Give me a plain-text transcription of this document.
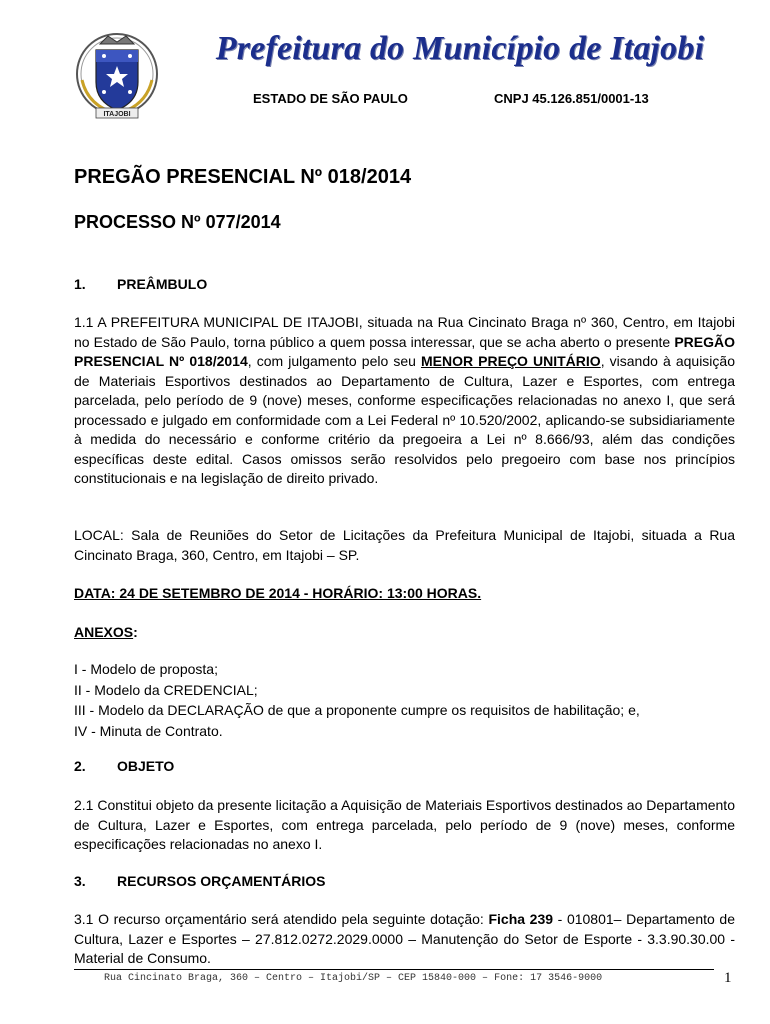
ITAJOBI
Prefeitura do Município de Itajobi
ESTADO DE SÃO PAULO	CNPJ 45.126.851/0001-13
PREGÃO PRESENCIAL Nº 018/2014
PROCESSO Nº 077/2014
1. PREÂMBULO
1.1 A PREFEITURA MUNICIPAL DE ITAJOBI, situada na Rua Cincinato Braga nº 360, Centro, em Itajobi no Estado de São Paulo, torna público a quem possa interessar, que se acha aberto o presente PREGÃO PRESENCIAL Nº 018/2014, com julgamento pelo seu MENOR PREÇO UNITÁRIO, visando à aquisição de Materiais Esportivos destinados ao Departamento de Cultura, Lazer e Esportes, com entrega parcelada, pelo período de 9 (nove) meses, conforme especificações relacionadas no anexo I, que será processado e julgado em conformidade com a Lei Federal nº 10.520/2002, aplicando-se subsidiariamente à medida do necessário e conforme critério da pregoeira a Lei nº 8.666/93, além das condições específicas deste edital. Casos omissos serão resolvidos pelo pregoeiro com base nos princípios constitucionais e na legislação de direito privado.
LOCAL: Sala de Reuniões do Setor de Licitações da Prefeitura Municipal de Itajobi, situada a Rua Cincinato Braga, 360, Centro, em Itajobi – SP.
DATA: 24 DE SETEMBRO DE 2014 - HORÁRIO: 13:00 HORAS.
ANEXOS:
I - Modelo de proposta;
II - Modelo da CREDENCIAL;
III - Modelo da DECLARAÇÃO de que a proponente cumpre os requisitos de habilitação; e,
IV - Minuta de Contrato.
2. OBJETO
2.1 Constitui objeto da presente licitação a Aquisição de Materiais Esportivos destinados ao Departamento de Cultura, Lazer e Esportes, com entrega parcelada, pelo período de 9 (nove) meses, conforme especificações relacionadas no anexo I.
3. RECURSOS ORÇAMENTÁRIOS
3.1 O recurso orçamentário será atendido pela seguinte dotação: Ficha 239 - 010801– Departamento de Cultura, Lazer e Esportes – 27.812.0272.2029.0000 – Manutenção do Setor de Esporte - 3.3.90.30.00 - Material de Consumo.
Rua Cincinato Braga, 360 – Centro – Itajobi/SP – CEP 15840-000 – Fone: 17 3546-9000	1
